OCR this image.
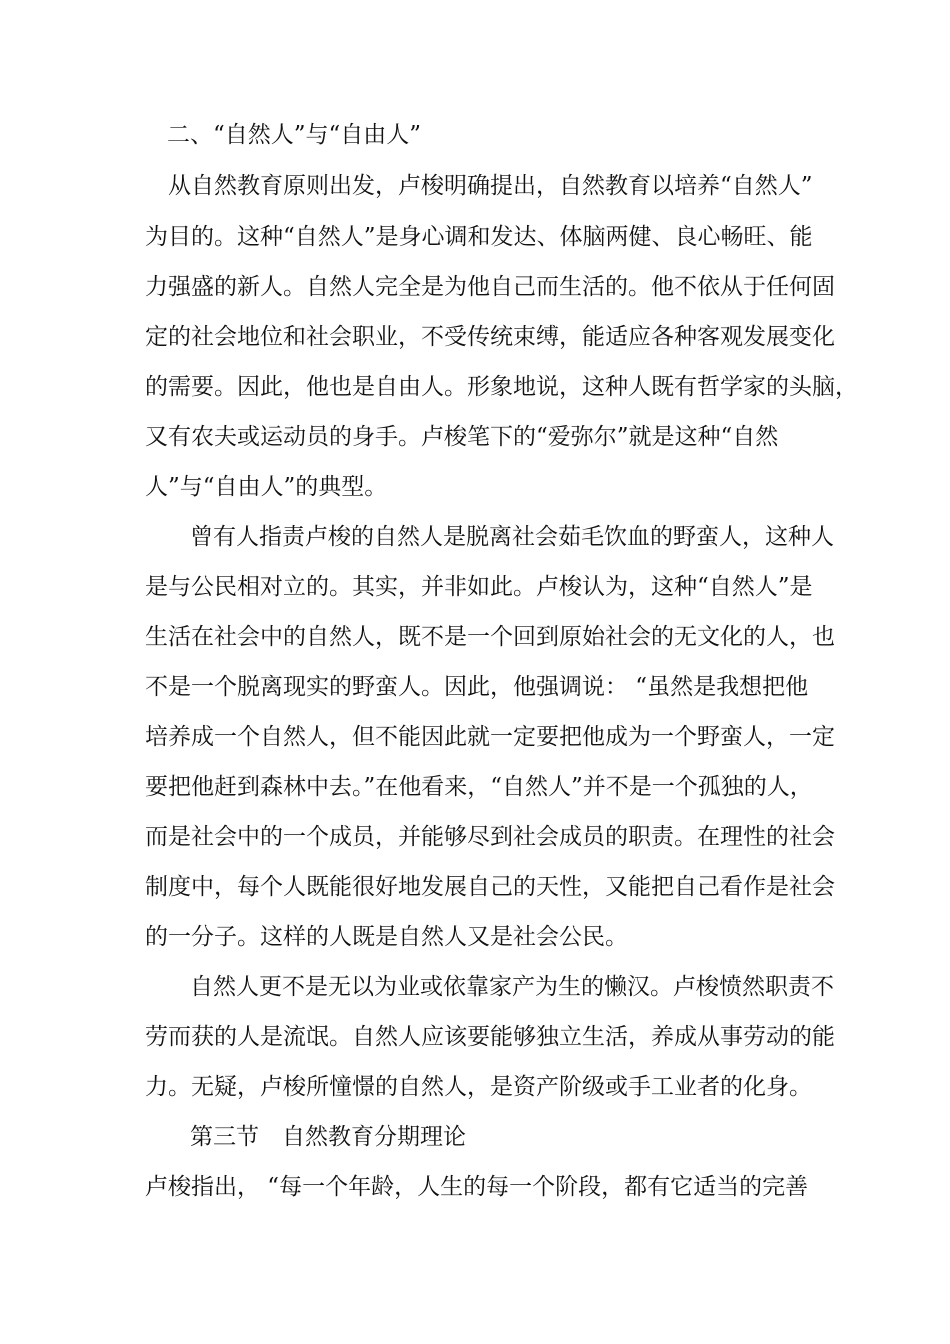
二、“自然人”与“自由人”
从自然教育原则出发，卢梭明确提出，自然教育以培养“自然人”
为目的。这种“自然人”是身心调和发达、体脑两健、良心畅旺、能
力强盛的新人。自然人完全是为他自己而生活的。他不依从于任何固
定的社会地位和社会职业，不受传统束缚，能适应各种客观发展变化
的需要。因此，他也是自由人。形象地说，这种人既有哲学家的头脑，
又有农夫或运动员的身手。卢梭笔下的“爱弥尔”就是这种“自然
人”与“自由人”的典型。
曾有人指责卢梭的自然人是脱离社会茹毛饮血的野蛮人，这种人
是与公民相对立的。其实，并非如此。卢梭认为，这种“自然人”是
生活在社会中的自然人，既不是一个回到原始社会的无文化的人，也
不是一个脱离现实的野蛮人。因此，他强调说： “虽然是我想把他
培养成一个自然人，但不能因此就一定要把他成为一个野蛮人，一定
要把他赶到森林中去。”在他看来，“自然人”并不是一个孤独的人，
而是社会中的一个成员，并能够尽到社会成员的职责。在理性的社会
制度中，每个人既能很好地发展自己的天性，又能把自己看作是社会
的一分子。这样的人既是自然人又是社会公民。
自然人更不是无以为业或依靠家产为生的懒汉。卢梭愤然职责不
劳而获的人是流氓。自然人应该要能够独立生活，养成从事劳动的能
力。无疑，卢梭所憧憬的自然人，是资产阶级或手工业者的化身。
第三节　自然教育分期理论
卢梭指出， “每一个年龄，人生的每一个阶段，都有它适当的完善
